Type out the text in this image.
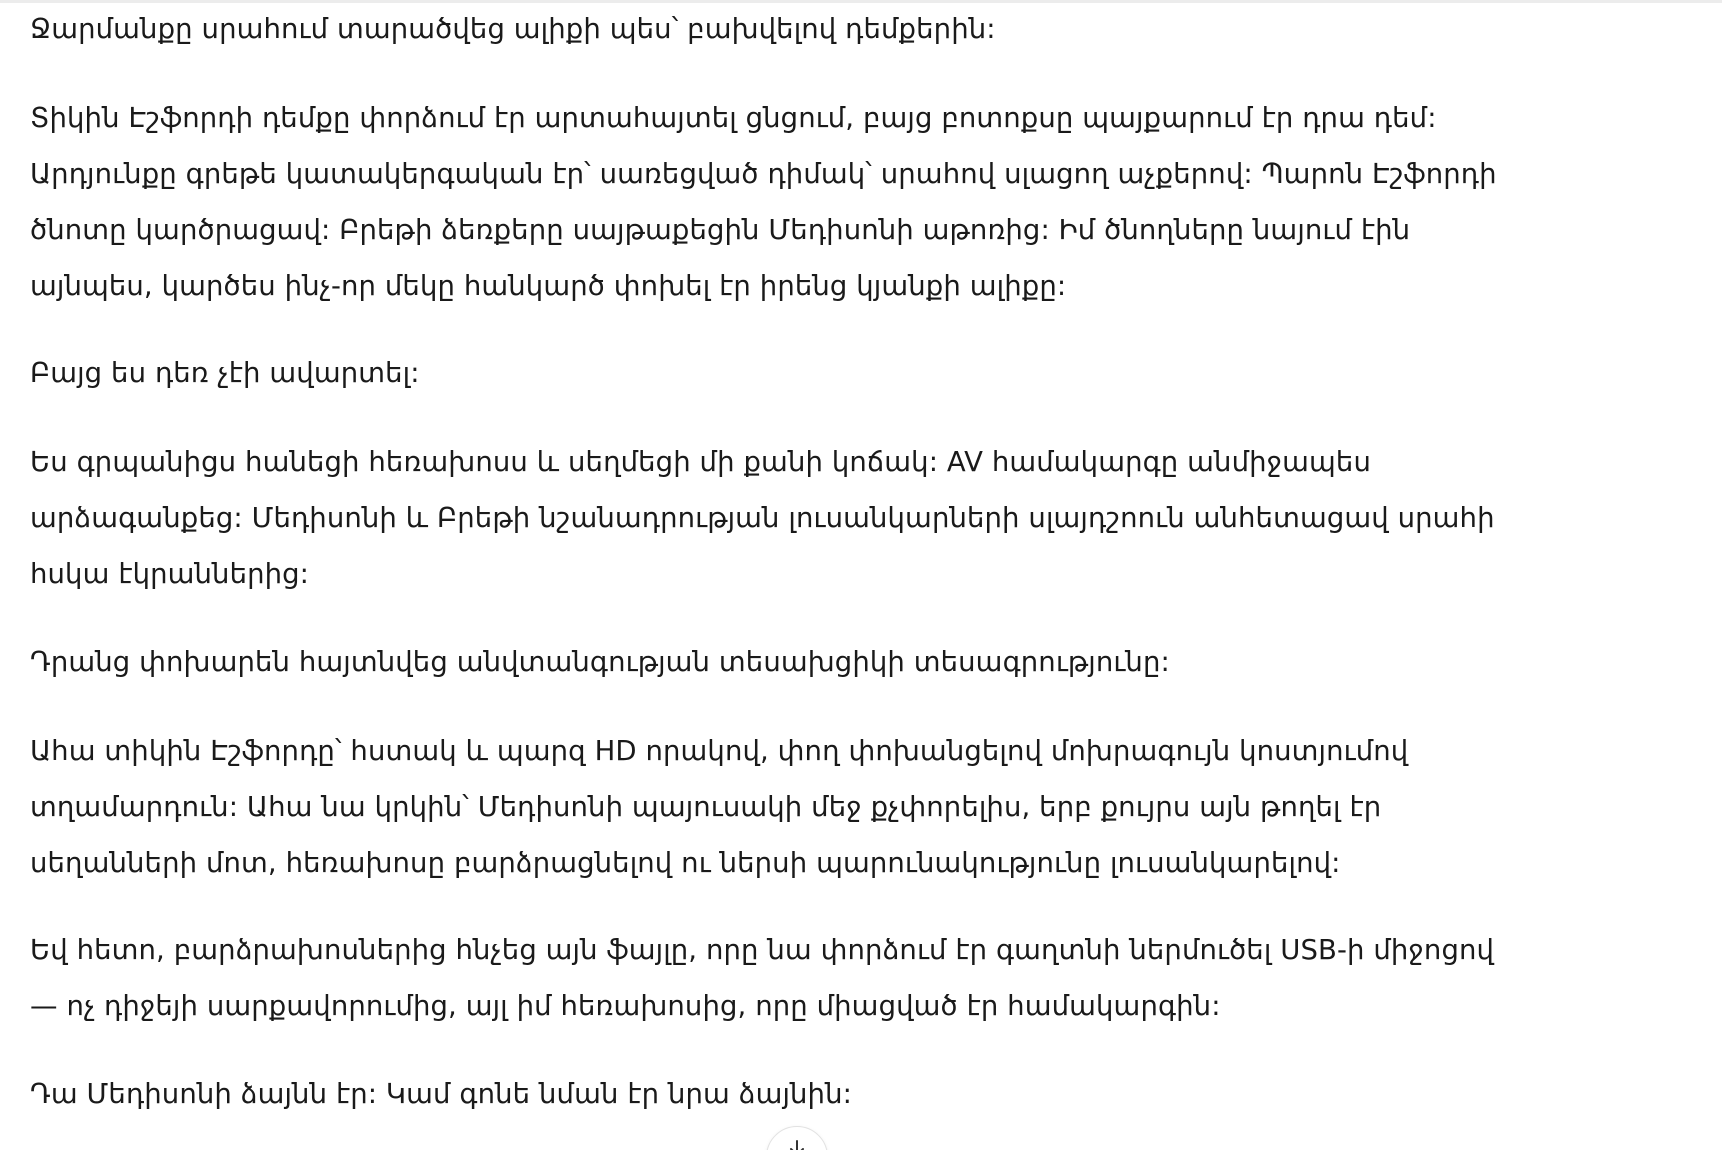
Ջարմանքը սրահում տարածվեց ալիքի պես՝ բախվելով դեմքերին:

Տիկին Էշֆորդի դեմքը փորձում էր արտահայտել ցնցում, բայց բոտոքսը պայքարում էր դրա դեմ:
Արդյունքը գրեթե կատակերգական էր՝ սառեցված դիմակ՝ սրահով սլացող աչքերով: Պարոն Էշֆորդի
ծնոտը կարծրացավ: Բրեթի ձեռքերը սայթաքեցին Մեդիսոնի աթոռից: Իմ ծնողները նայում էին
այնպես, կարծես ինչ-որ մեկը հանկարծ փոխել էր իրենց կյանքի ալիքը:

Բայց ես դեռ չէի ավարտել:

Ես գրպանիցս հանեցի հեռախոսս և սեղմեցի մի քանի կոճակ: AV համակարգը անմիջապես
արձագանքեց: Մեդիսոնի և Բրեթի նշանադրության լուսանկարների սլայդշոուն անհետացավ սրահի
հսկա էկրաններից:

Դրանց փոխարեն հայտնվեց անվտանգության տեսախցիկի տեսագրությունը:

Ահա տիկին Էշֆորդը՝ հստակ և պարզ HD որակով, փող փոխանցելով մոխրագույն կոստյումով
տղամարդուն: Ահա նա կրկին՝ Մեդիսոնի պայուսակի մեջ քչփորելիս, երբ քույրս այն թողել էր
սեղանների մոտ, հեռախոսը բարձրացնելով ու ներսի պարունակությունը լուսանկարելով:

Եվ հետո, բարձրախոսներից հնչեց այն ֆայլը, որը նա փորձում էր գաղտնի ներմուծել USB-ի միջոցով
— ոչ դիջեյի սարքավորումից, այլ իմ հեռախոսից, որը միացված էր համակարգին:

Դա Մեդիսոնի ձայնն էր: Կամ գոնե նման էր նրա ձայնին:
